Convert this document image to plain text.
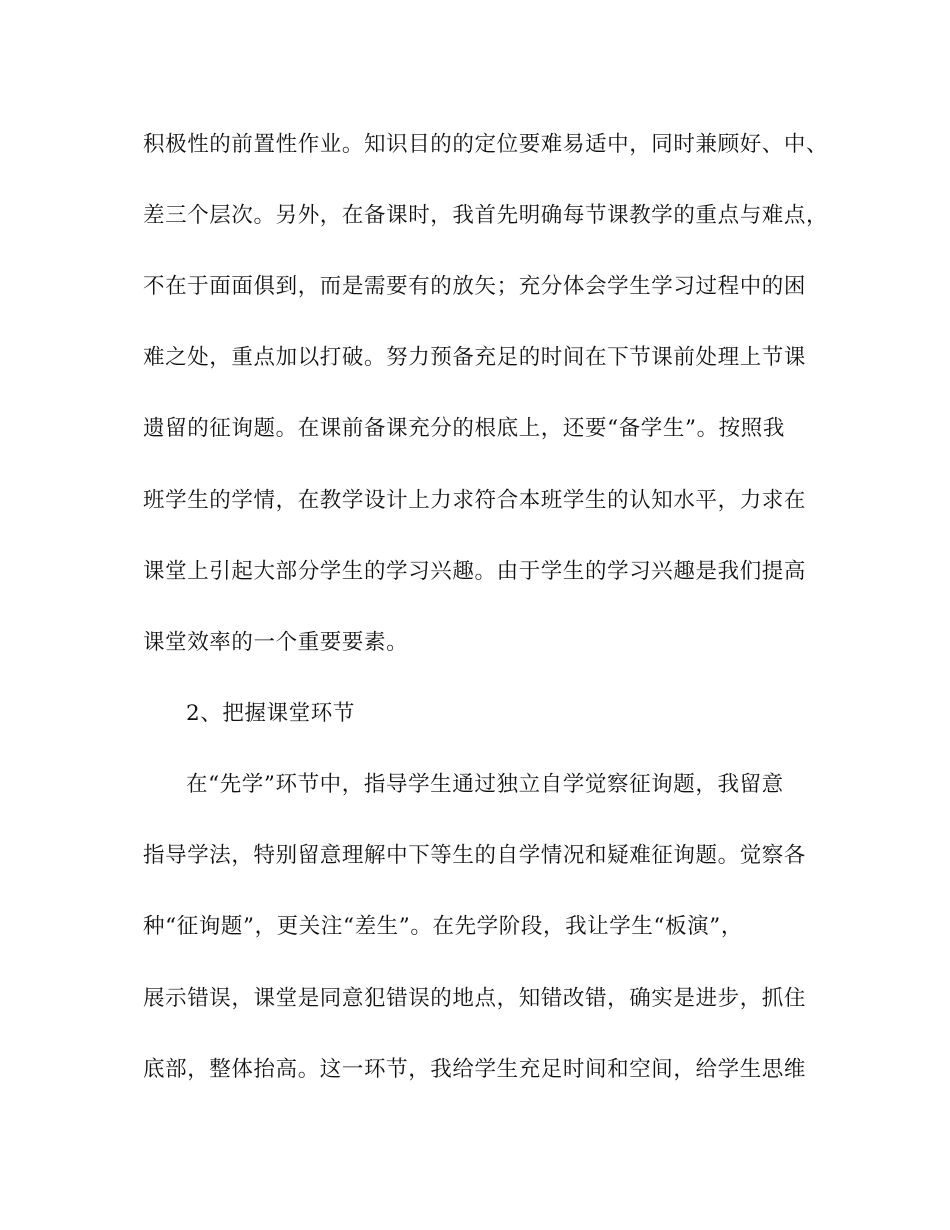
积极性的前置性作业。知识目的的定位要难易适中，同时兼顾好、中、
差三个层次。另外，在备课时，我首先明确每节课教学的重点与难点，
不在于面面俱到，而是需要有的放矢；充分体会学生学习过程中的困
难之处，重点加以打破。努力预备充足的时间在下节课前处理上节课
遗留的征询题。在课前备课充分的根底上，还要“备学生”。按照我
班学生的学情，在教学设计上力求符合本班学生的认知水平，力求在
课堂上引起大部分学生的学习兴趣。由于学生的学习兴趣是我们提高
课堂效率的一个重要要素。
2、把握课堂环节
在“先学”环节中，指导学生通过独立自学觉察征询题，我留意
指导学法，特别留意理解中下等生的自学情况和疑难征询题。觉察各
种“征询题”，更关注“差生”。在先学阶段，我让学生“板演”，
展示错误，课堂是同意犯错误的地点，知错改错，确实是进步，抓住
底部，整体抬高。这一环节，我给学生充足时间和空间，给学生思维
